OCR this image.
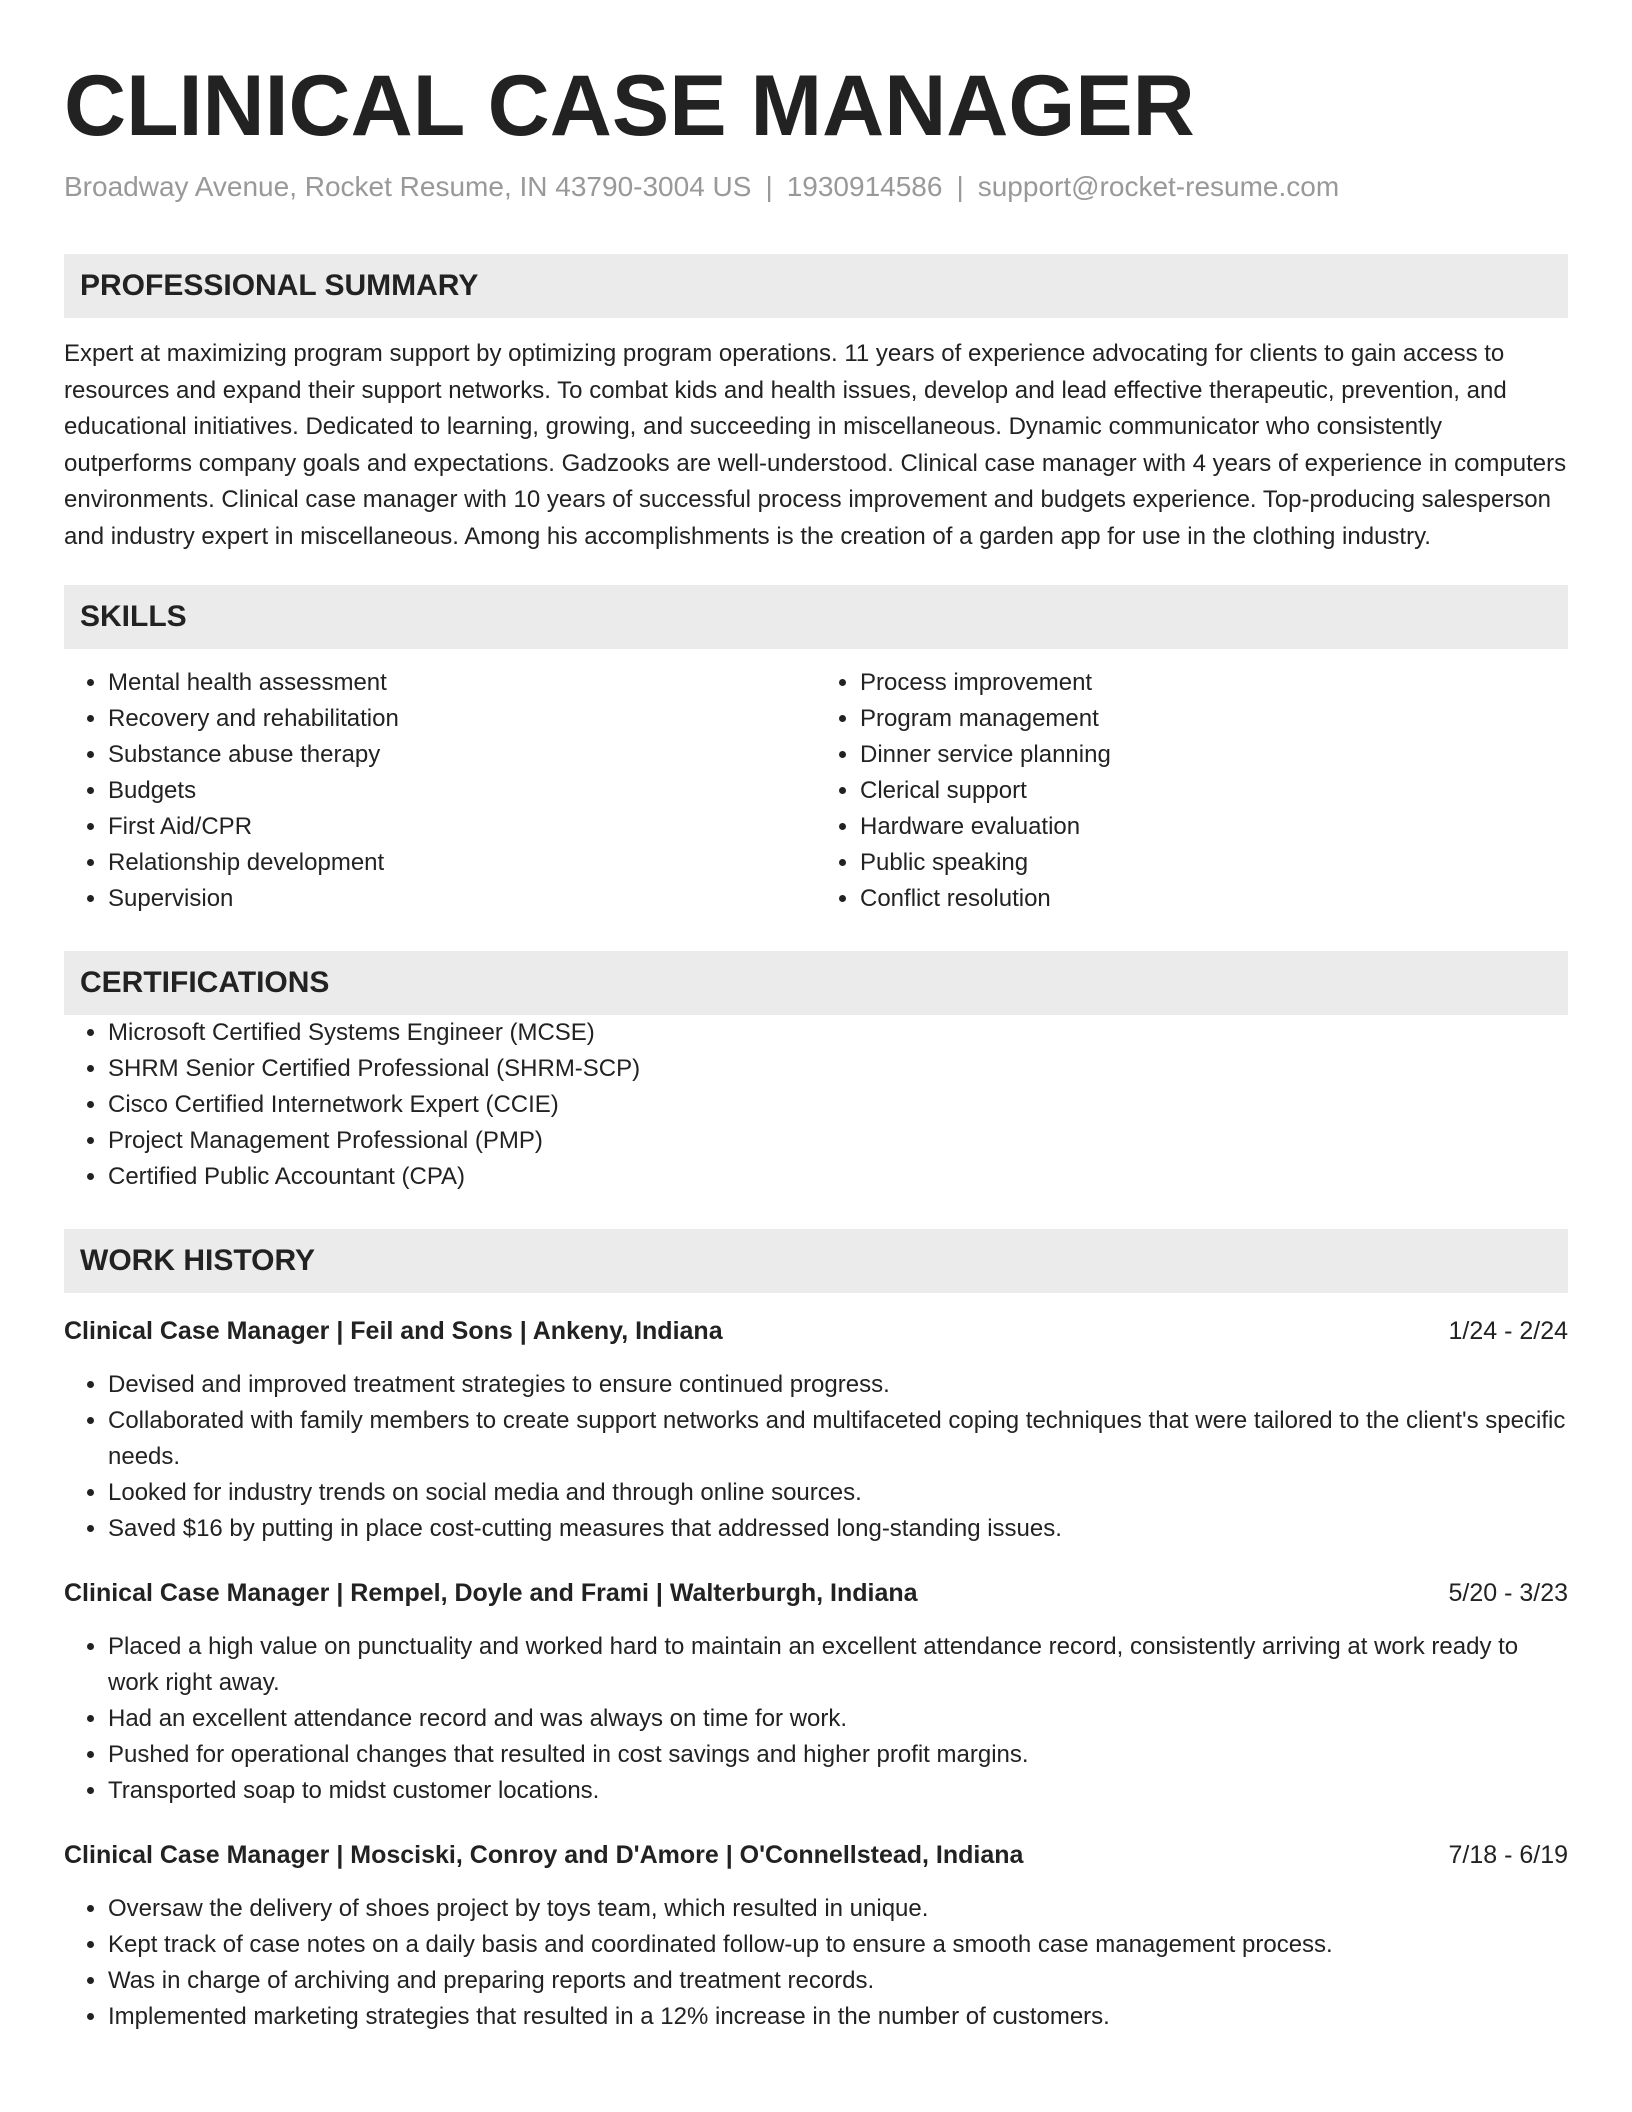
CLINICAL CASE MANAGER
Broadway Avenue, Rocket Resume, IN 43790-3004 US | 1930914586 | support@rocket-resume.com
PROFESSIONAL SUMMARY

Expert at maximizing program support by optimizing program operations. 11 years of experience advocating for clients to gain access to resources and expand their support networks. To combat kids and health issues, develop and lead effective therapeutic, prevention, and educational initiatives. Dedicated to learning, growing, and succeeding in miscellaneous. Dynamic communicator who consistently outperforms company goals and expectations. Gadzooks are well-understood. Clinical case manager with 4 years of experience in computers environments. Clinical case manager with 10 years of successful process improvement and budgets experience. Top-producing salesperson and industry expert in miscellaneous. Among his accomplishments is the creation of a garden app for use in the clothing industry.

SKILLS
• Mental health assessment
• Recovery and rehabilitation
• Substance abuse therapy
• Budgets
• First Aid/CPR
• Relationship development
• Supervision
• Process improvement
• Program management
• Dinner service planning
• Clerical support
• Hardware evaluation
• Public speaking
• Conflict resolution
CERTIFICATIONS
• Microsoft Certified Systems Engineer (MCSE)
• SHRM Senior Certified Professional (SHRM-SCP)
• Cisco Certified Internetwork Expert (CCIE)
• Project Management Professional (PMP)
• Certified Public Accountant (CPA)
WORK HISTORY
Clinical Case Manager | Feil and Sons | Ankeny, Indiana	1/24 - 2/24
• Devised and improved treatment strategies to ensure continued progress.
• Collaborated with family members to create support networks and multifaceted coping techniques that were tailored to the client's specific needs.
• Looked for industry trends on social media and through online sources.
• Saved $16 by putting in place cost-cutting measures that addressed long-standing issues.
Clinical Case Manager | Rempel, Doyle and Frami | Walterburgh, Indiana	5/20 - 3/23
• Placed a high value on punctuality and worked hard to maintain an excellent attendance record, consistently arriving at work ready to work right away.
• Had an excellent attendance record and was always on time for work.
• Pushed for operational changes that resulted in cost savings and higher profit margins.
• Transported soap to midst customer locations.
Clinical Case Manager | Mosciski, Conroy and D'Amore | O'Connellstead, Indiana	7/18 - 6/19
• Oversaw the delivery of shoes project by toys team, which resulted in unique.
• Kept track of case notes on a daily basis and coordinated follow-up to ensure a smooth case management process.
• Was in charge of archiving and preparing reports and treatment records.
• Implemented marketing strategies that resulted in a 12% increase in the number of customers.
